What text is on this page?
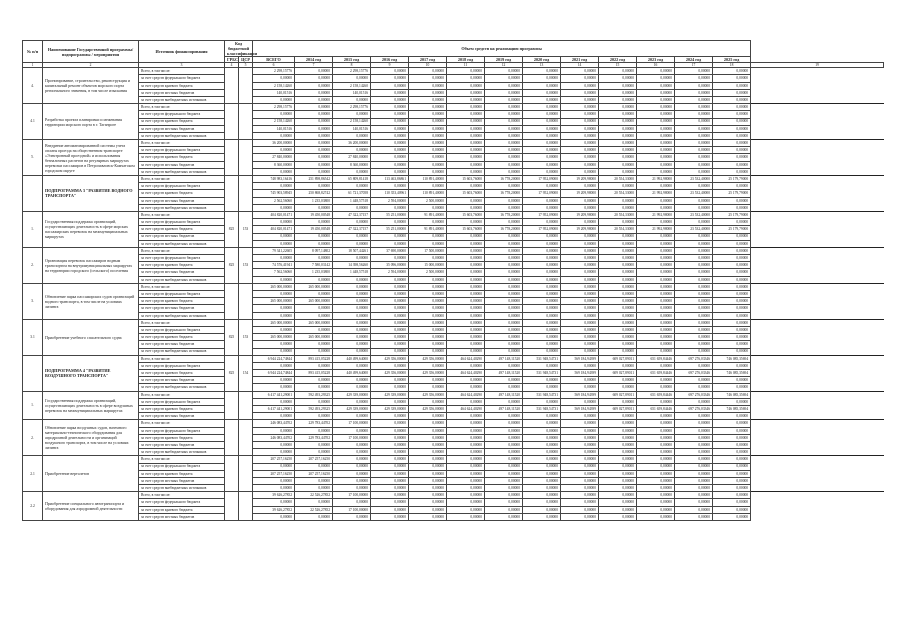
№ п/п	Наименование Государственной программы/ подпрограммы / мероприятия	Источник финансирования	Код бюджетной классификации		Объем средств на реализацию программы													
			ГРБС	ЦСР	ВСЕГО	2014 год	2015 год	2016 год	2017 год	2018 год	2019 год	2020 год	2021 год	2022 год	2023 год	2024 год	2025 год	
1	2	3	4	5	6	7	8	9	10	11	12	13	14	15	16	17	18	19
4.	Проектирование, строительство, реконструкция и капитальный ремонт объектов морского порта регионального значения, в том числе изыскания	Всего, в том числе:			2 298,15776	0,00000	2 298,15776	0,00000	0,00000	0,00000	0,00000	0,00000	0,00000	0,00000	0,00000	0,00000	0,00000	
		за счет средств федерального бюджета			0,00000	0,00000	0,00000	0,00000	0,00000	0,00000	0,00000	0,00000	0,00000	0,00000	0,00000	0,00000	0,00000	
		за счет средств краевого бюджета			2 158,14260	0,00000	2 158,14260	0,00000	0,00000	0,00000	0,00000	0,00000	0,00000	0,00000	0,00000	0,00000	0,00000	
		за счет средств местных бюджетов			140,01516	0,00000	140,01516	0,00000	0,00000	0,00000	0,00000	0,00000	0,00000	0,00000	0,00000	0,00000	0,00000	
		за счет средств внебюджетных источников			0,00000	0,00000	0,00000	0,00000	0,00000	0,00000	0,00000	0,00000	0,00000	0,00000	0,00000	0,00000	0,00000	
4.1	Разработка проекта планировки и межевания территории морского порта в г. Таганроге	Всего, в том числе:			2 298,15776	0,00000	2 298,15776	0,00000	0,00000	0,00000	0,00000	0,00000	0,00000	0,00000	0,00000	0,00000	0,00000	
		за счет средств федерального бюджета			0,00000	0,00000	0,00000	0,00000	0,00000	0,00000	0,00000	0,00000	0,00000	0,00000	0,00000	0,00000	0,00000	
		за счет средств краевого бюджета			2 158,14260	0,00000	2 158,14260	0,00000	0,00000	0,00000	0,00000	0,00000	0,00000	0,00000	0,00000	0,00000	0,00000	
		за счет средств местных бюджетов			140,01516	0,00000	140,01516	0,00000	0,00000	0,00000	0,00000	0,00000	0,00000	0,00000	0,00000	0,00000	0,00000	
		за счет средств внебюджетных источников			0,00000	0,00000	0,00000	0,00000	0,00000	0,00000	0,00000	0,00000	0,00000	0,00000	0,00000	0,00000	0,00000	
5.	Внедрение автоматизированной системы учета оплаты проезда на общественном транспорте «Электронный проездной» и использования безналичных расчетов на регулярных маршрутах перевозки пассажиров в Петропавловск-Камчатском городском округе	Всего, в том числе:			36 200,00000	0,00000	36 200,00000	0,00000	0,00000	0,00000	0,00000	0,00000	0,00000	0,00000	0,00000	0,00000	0,00000	
		за счет средств федерального бюджета			0,00000	0,00000	0,00000	0,00000	0,00000	0,00000	0,00000	0,00000	0,00000	0,00000	0,00000	0,00000	0,00000	
		за счет средств краевого бюджета			27 840,00000	0,00000	27 840,00000	0,00000	0,00000	0,00000	0,00000	0,00000	0,00000	0,00000	0,00000	0,00000	0,00000	
		за счет средств местных бюджетов			8 360,00000	0,00000	8 360,00000	0,00000	0,00000	0,00000	0,00000	0,00000	0,00000	0,00000	0,00000	0,00000	0,00000	
		за счет средств внебюджетных источников			0,00000	0,00000	0,00000	0,00000	0,00000	0,00000	0,00000	0,00000	0,00000	0,00000	0,00000	0,00000	0,00000	
	ПОДПРОГРАММА 3 "РАЗВИТИЕ ВОДНОГО ТРАНСПОРТА"	Всего, в том числе:			748 983,16416	251 898,86542	65 809,81418	113 463,86861	110 891,40000	15 603,76000	16 778,20000	17 952,09000	19 209,98000	20 554,33000	21 992,98000	23 532,40000	25 179,79000	
		за счет средств федерального бюджета			0,00000	0,00000	0,00000	0,00000	0,00000	0,00000	0,00000	0,00000	0,00000	0,00000	0,00000	0,00000	0,00000	
		за счет средств краевого бюджета			745 903,58945	250 868,82742	61 721,37058	110 353,40961	110 891,40000	15 603,76000	16 778,20000	17 952,09000	19 209,98000	20 554,33000	21 992,98000	23 532,40000	25 179,79000	
		за счет средств местных бюджетов			2 562,56060	1 235,03800	1 448,57518	2 594,00000	2 500,00000	0,00000	0,00000	0,00000	0,00000	0,00000	0,00000	0,00000	0,00000	
		за счет средств внебюджетных источников			0,00000	0,00000	0,00000	0,00000	0,00000	0,00000	0,00000	0,00000	0,00000	0,00000	0,00000	0,00000	0,00000	
1.	Государственная поддержка организаций, осуществляющих деятельность в сфере морских пассажирских перевозок на межмуниципальных маршрутах	Всего, в том числе:	825	153	404 820,01471	19 450,00548	47 322,37157	55 251,00000	91 891,40000	15 603,76000	16 778,20000	17 952,09000	19 209,98000	20 554,33000	21 992,98000	23 532,40000	25 179,79000	
		за счет средств федерального бюджета			0,00000	0,00000	0,00000	0,00000	0,00000	0,00000	0,00000	0,00000	0,00000	0,00000	0,00000	0,00000	0,00000	
		за счет средств краевого бюджета			404 820,01471	19 450,00548	47 322,37157	55 251,00000	91 891,40000	15 603,76000	16 778,20000	17 952,09000	19 209,98000	20 554,33000	21 992,98000	23 532,40000	25 179,79000	
		за счет средств местных бюджетов			0,00000	0,00000	0,00000	0,00000	0,00000	0,00000	0,00000	0,00000	0,00000	0,00000	0,00000	0,00000	0,00000	
		за счет средств внебюджетных источников			0,00000	0,00000	0,00000	0,00000	0,00000	0,00000	0,00000	0,00000	0,00000	0,00000	0,00000	0,00000	0,00000	
2.	Организация перевозок пассажиров водным транспортом на внутримуниципальных маршрутах на территории городского (сельского) поселения	Всего, в том числе:	825	153	79 341,22605	8 097,14802	18 507,44261	37 690,00000	17 500,00000	0,00000	0,00000	0,00000	0,00000	0,00000	0,00000	0,00000	0,00000	
		за счет средств федерального бюджета			0,00000	0,00000	0,00000	0,00000	0,00000	0,00000	0,00000	0,00000	0,00000	0,00000	0,00000	0,00000	0,00000	
		за счет средств краевого бюджета			74 576,41941	7 580,03142	14 398,56260	35 096,00000	15 000,00000	0,00000	0,00000	0,00000	0,00000	0,00000	0,00000	0,00000	0,00000	
		за счет средств местных бюджетов			7 562,56060	1 235,03800	1 448,57518	2 594,00000	2 500,00000	0,00000	0,00000	0,00000	0,00000	0,00000	0,00000	0,00000	0,00000	
		за счет средств внебюджетных источников			0,00000	0,00000	0,00000	0,00000	0,00000	0,00000	0,00000	0,00000	0,00000	0,00000	0,00000	0,00000	0,00000	
3.	Обновление парка пассажирских судов организаций водного транспорта, в том числе на условиях лизинга	Всего, в том числе:			265 000,00000	265 000,00000	0,00000	0,00000	0,00000	0,00000	0,00000	0,00000	0,00000	0,00000	0,00000	0,00000	0,00000	
		за счет средств федерального бюджета			0,00000	0,00000	0,00000	0,00000	0,00000	0,00000	0,00000	0,00000	0,00000	0,00000	0,00000	0,00000	0,00000	
		за счет средств краевого бюджета			265 000,00000	265 000,00000	0,00000	0,00000	0,00000	0,00000	0,00000	0,00000	0,00000	0,00000	0,00000	0,00000	0,00000	
		за счет средств местных бюджетов			0,00000	0,00000	0,00000	0,00000	0,00000	0,00000	0,00000	0,00000	0,00000	0,00000	0,00000	0,00000	0,00000	
		за счет средств внебюджетных источников			0,00000	0,00000	0,00000	0,00000	0,00000	0,00000	0,00000	0,00000	0,00000	0,00000	0,00000	0,00000	0,00000	
3.1	Приобретение учебного спасательного судна	Всего, в том числе:	825	153	265 000,00000	265 000,00000	0,00000	0,00000	0,00000	0,00000	0,00000	0,00000	0,00000	0,00000	0,00000	0,00000	0,00000	
		за счет средств федерального бюджета			0,00000	0,00000	0,00000	0,00000	0,00000	0,00000	0,00000	0,00000	0,00000	0,00000	0,00000	0,00000	0,00000	
		за счет средств краевого бюджета			265 000,00000	265 000,00000	0,00000	0,00000	0,00000	0,00000	0,00000	0,00000	0,00000	0,00000	0,00000	0,00000	0,00000	
		за счет средств местных бюджетов			0,00000	0,00000	0,00000	0,00000	0,00000	0,00000	0,00000	0,00000	0,00000	0,00000	0,00000	0,00000	0,00000	
		за счет средств внебюджетных источников			0,00000	0,00000	0,00000	0,00000	0,00000	0,00000	0,00000	0,00000	0,00000	0,00000	0,00000	0,00000	0,00000	
	ПОДПРОГРАММА 4 "РАЗВИТИЕ ВОЗДУШНОГО ТРАНСПОРТА"	Всего, в том числе:	825	154	6 944 224,74844	893 415,05228	440 499,64000	429 356,00000	429 356,00000	464 624,40290	497 148,11520	531 948,54731	569 184,94399	609 027,89011	651 659,84446	697 276,03346	746 085,35694	
		за счет средств федерального бюджета			0,00000	0,00000	0,00000	0,00000	0,00000	0,00000	0,00000	0,00000	0,00000	0,00000	0,00000	0,00000	0,00000	
		за счет средств краевого бюджета			6 944 224,74844	893 415,05228	440 499,64000	429 356,00000	429 356,00000	464 624,40290	497 148,11520	531 948,54731	569 184,94399	609 027,89011	651 659,84446	697 276,03346	746 085,35694	
		за счет средств местных бюджетов			0,00000	0,00000	0,00000	0,00000	0,00000	0,00000	0,00000	0,00000	0,00000	0,00000	0,00000	0,00000	0,00000	
		за счет средств внебюджетных источников			0,00000	0,00000	0,00000	0,00000	0,00000	0,00000	0,00000	0,00000	0,00000	0,00000	0,00000	0,00000	0,00000	
1.	Государственная поддержка организаций, осуществляющих деятельность в сфере воздушных перевозок на межмуниципальных маршрутах	Всего, в том числе:			6 417 441,29001	592 493,29325	429 339,00000	429 339,00000	429 356,00000	464 624,40290	497 148,11520	531 948,54731	569 184,94399	609 027,89011	651 659,84446	697 276,03346	746 085,35694	
		за счет средств федерального бюджета			0,00000	0,00000	0,00000	0,00000	0,00000	0,00000	0,00000	0,00000	0,00000	0,00000	0,00000	0,00000	0,00000	
		за счет средств краевого бюджета			6 417 441,29001	592 493,29325	429 339,00000	429 339,00000	429 356,00000	464 624,40290	497 148,11520	531 948,54731	569 184,94399	609 027,89011	651 659,84446	697 276,03346	746 085,35694	
		за счет средств местных бюджетов			0,00000	0,00000	0,00000	0,00000	0,00000	0,00000	0,00000	0,00000	0,00000	0,00000	0,00000	0,00000	0,00000	
2.	Обновление парка воздушных судов, наземного материально-технического оборудования для аэродромной деятельности и организаций воздушного транспорта, в том числе на условиях лизинга	Всего, в том числе:			246 083,44702	229 783,44702	17 100,00000	0,00000	0,00000	0,00000	0,00000	0,00000	0,00000	0,00000	0,00000	0,00000	0,00000	
		за счет средств федерального бюджета			0,00000	0,00000	0,00000	0,00000	0,00000	0,00000	0,00000	0,00000	0,00000	0,00000	0,00000	0,00000	0,00000	
		за счет средств краевого бюджета			246 083,44702	229 783,44702	17 100,00000	0,00000	0,00000	0,00000	0,00000	0,00000	0,00000	0,00000	0,00000	0,00000	0,00000	
		за счет средств местных бюджетов			0,00000	0,00000	0,00000	0,00000	0,00000	0,00000	0,00000	0,00000	0,00000	0,00000	0,00000	0,00000	0,00000	
		за счет средств внебюджетных источников			0,00000	0,00000	0,00000	0,00000	0,00000	0,00000	0,00000	0,00000	0,00000	0,00000	0,00000	0,00000	0,00000	
2.1	Приобретение вертолетов	Всего, в том числе:			207 257,16250	207 257,16250	0,00000	0,00000	0,00000	0,00000	0,00000	0,00000	0,00000	0,00000	0,00000	0,00000	0,00000	
		за счет средств федерального бюджета			0,00000	0,00000	0,00000	0,00000	0,00000	0,00000	0,00000	0,00000	0,00000	0,00000	0,00000	0,00000	0,00000	
		за счет средств краевого бюджета			207 257,16250	207 257,16250	0,00000	0,00000	0,00000	0,00000	0,00000	0,00000	0,00000	0,00000	0,00000	0,00000	0,00000	
		за счет средств местных бюджетов			0,00000	0,00000	0,00000	0,00000	0,00000	0,00000	0,00000	0,00000	0,00000	0,00000	0,00000	0,00000	0,00000	
		за счет средств внебюджетных источников			0,00000	0,00000	0,00000	0,00000	0,00000	0,00000	0,00000	0,00000	0,00000	0,00000	0,00000	0,00000	0,00000	
2.2	Приобретение специального автотранспорта и оборудования для аэродромной деятельности	Всего, в том числе:			39 626,27852	22 526,27852	17 100,00000	0,00000	0,00000	0,00000	0,00000	0,00000	0,00000	0,00000	0,00000	0,00000	0,00000	
		за счет средств федерального бюджета			0,00000	0,00000	0,00000	0,00000	0,00000	0,00000	0,00000	0,00000	0,00000	0,00000	0,00000	0,00000	0,00000	
		за счет средств краевого бюджета			39 626,27852	22 526,27852	17 100,00000	0,00000	0,00000	0,00000	0,00000	0,00000	0,00000	0,00000	0,00000	0,00000	0,00000	
		за счет средств местных бюджетов			0,00000	0,00000	0,00000	0,00000	0,00000	0,00000	0,00000	0,00000	0,00000	0,00000	0,00000	0,00000	0,00000	
